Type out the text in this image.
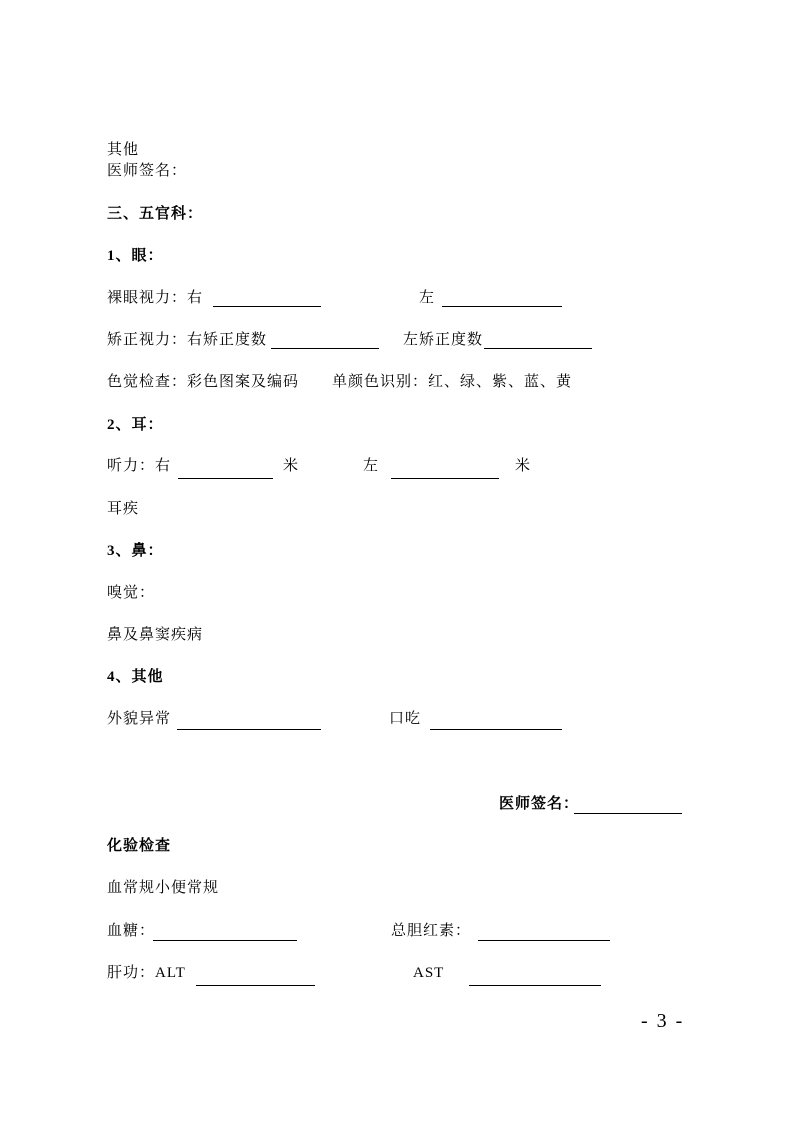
其他
医师签名：
三、五官科：
1、眼：
裸眼视力：右	左
矫正视力：右矫正度数	左矫正度数
色觉检查：彩色图案及编码 单颜色识别：红、绿、紫、蓝、黄
2、耳：
听力：右	米	左	米
耳疾
3、鼻：
嗅觉：
鼻及鼻窦疾病
4、其他
外貌异常	口吃
医师签名：
化验检查
血常规小便常规
血糖：	总胆红素：
肝功：ALT	AST
- 3 -
